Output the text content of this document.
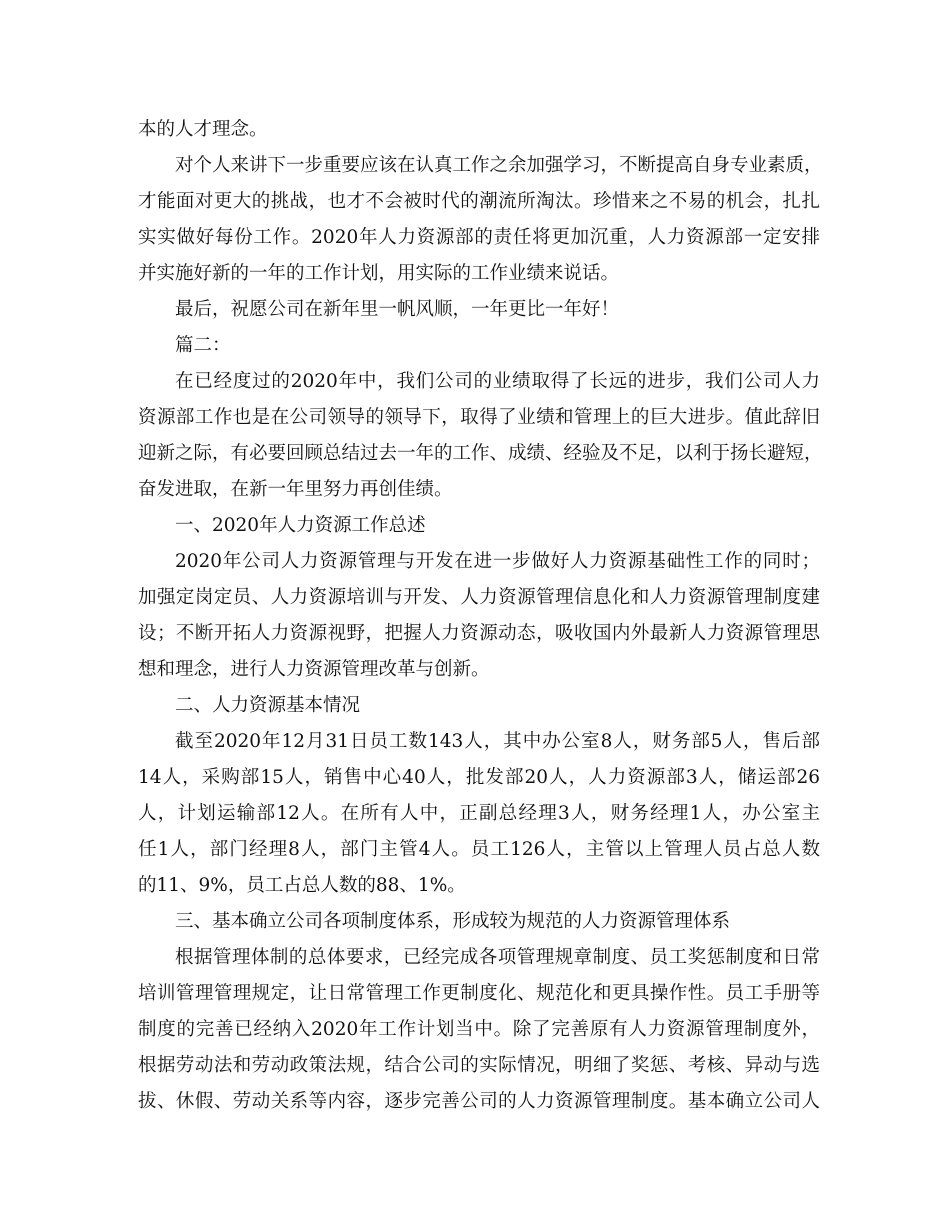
本的人才理念。
对个人来讲下一步重要应该在认真工作之余加强学习，不断提高自身专业素质，
才能面对更大的挑战，也才不会被时代的潮流所淘汰。珍惜来之不易的机会，扎扎
实实做好每份工作。2020年人力资源部的责任将更加沉重，人力资源部一定安排
并实施好新的一年的工作计划，用实际的工作业绩来说话。
最后，祝愿公司在新年里一帆风顺，一年更比一年好！
篇二：
在已经度过的2020年中，我们公司的业绩取得了长远的进步，我们公司人力
资源部工作也是在公司领导的领导下，取得了业绩和管理上的巨大进步。值此辞旧
迎新之际，有必要回顾总结过去一年的工作、成绩、经验及不足，以利于扬长避短，
奋发进取，在新一年里努力再创佳绩。
一、2020年人力资源工作总述
2020年公司人力资源管理与开发在进一步做好人力资源基础性工作的同时；
加强定岗定员、人力资源培训与开发、人力资源管理信息化和人力资源管理制度建
设；不断开拓人力资源视野，把握人力资源动态，吸收国内外最新人力资源管理思
想和理念，进行人力资源管理改革与创新。
二、人力资源基本情况
截至2020年12月31日员工数143人，其中办公室8人，财务部5人，售后部
14人，采购部15人，销售中心40人，批发部20人，人力资源部3人，储运部26
人，计划运输部12人。在所有人中，正副总经理3人，财务经理1人，办公室主
任1人，部门经理8人，部门主管4人。员工126人，主管以上管理人员占总人数
的11、9%，员工占总人数的88、1%。
三、基本确立公司各项制度体系，形成较为规范的人力资源管理体系
根据管理体制的总体要求，已经完成各项管理规章制度、员工奖惩制度和日常
培训管理管理规定，让日常管理工作更制度化、规范化和更具操作性。员工手册等
制度的完善已经纳入2020年工作计划当中。除了完善原有人力资源管理制度外，
根据劳动法和劳动政策法规，结合公司的实际情况，明细了奖惩、考核、异动与选
拔、休假、劳动关系等内容，逐步完善公司的人力资源管理制度。基本确立公司人
